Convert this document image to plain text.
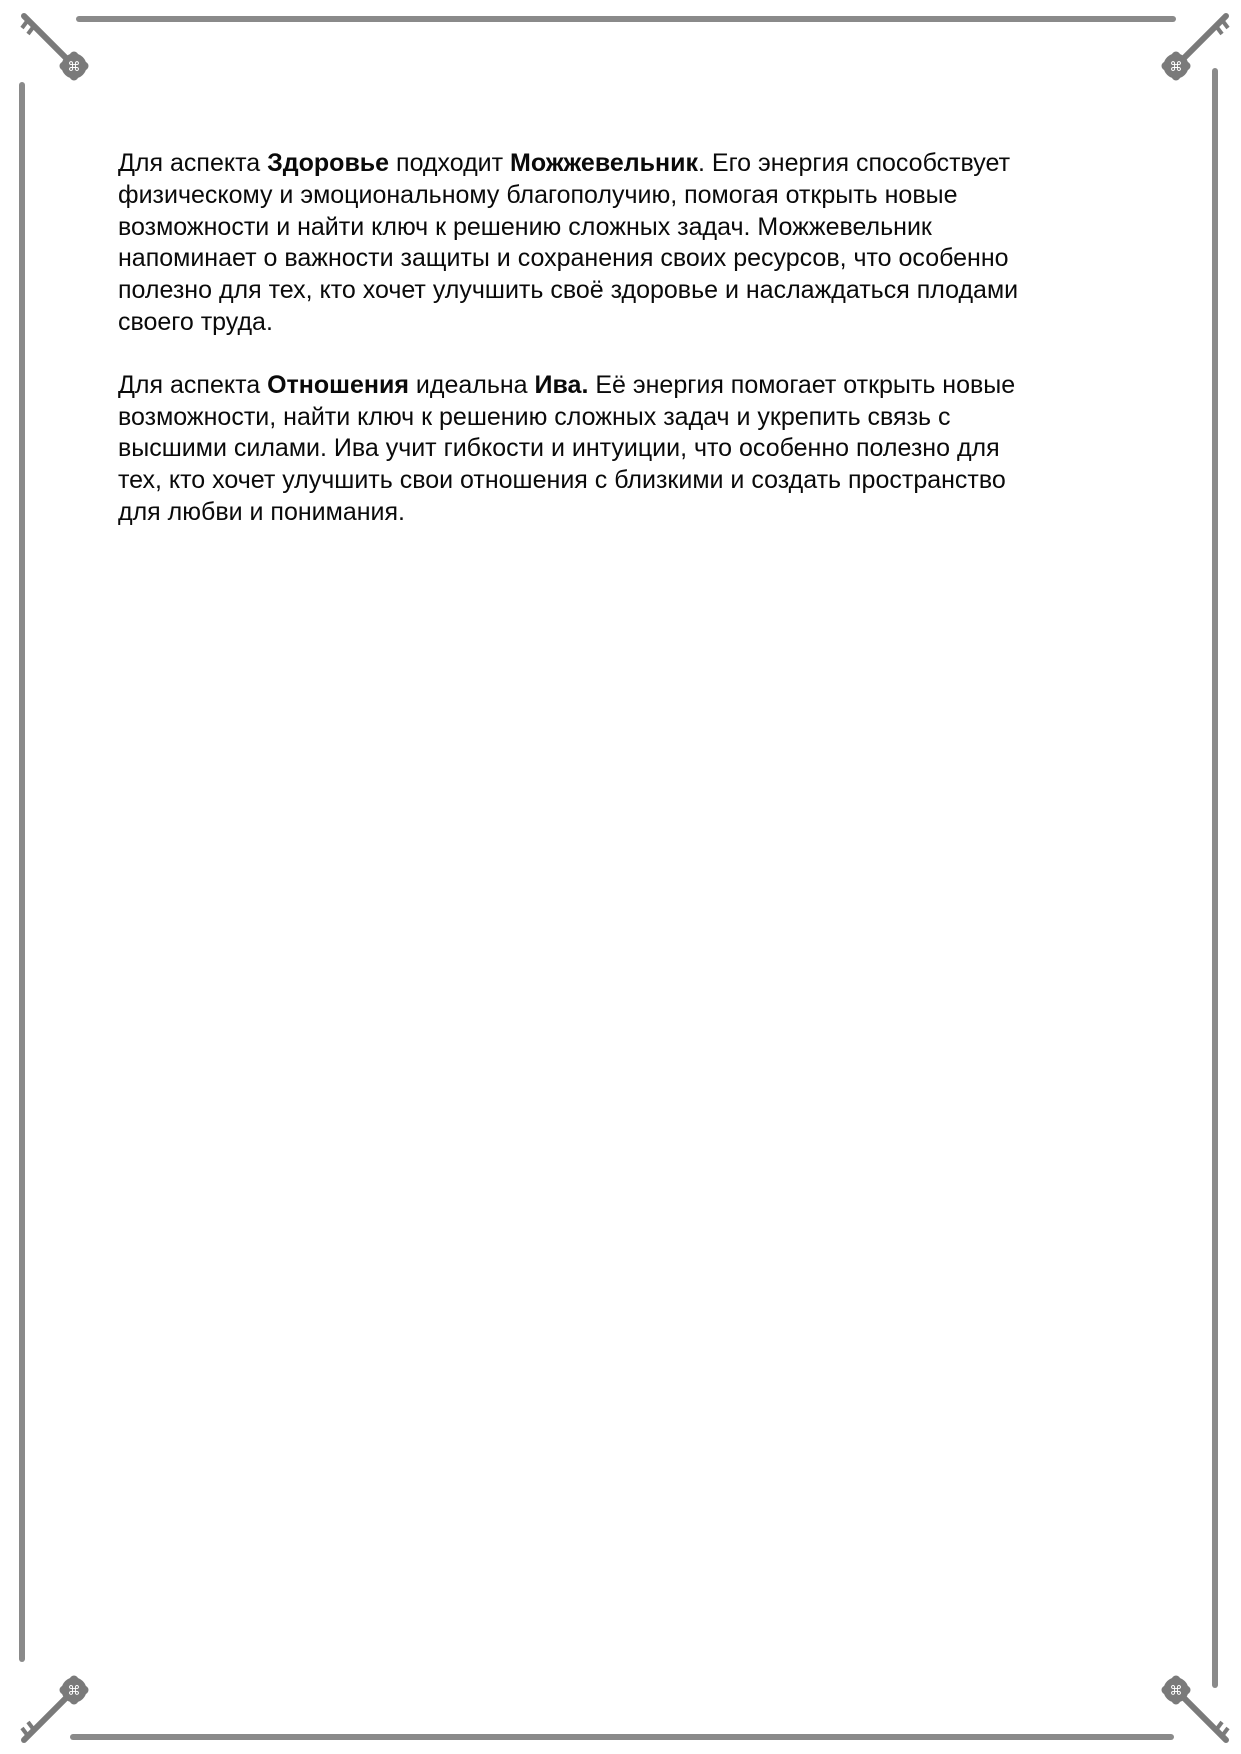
⌘	⌘
⌘	⌘

Для аспекта Здоровье подходит Можжевельник. Его энергия способствует
физическому и эмоциональному благополучию, помогая открыть новые
возможности и найти ключ к решению сложных задач. Можжевельник
напоминает о важности защиты и сохранения своих ресурсов, что особенно
полезно для тех, кто хочет улучшить своё здоровье и наслаждаться плодами
своего труда.

Для аспекта Отношения идеальна Ива. Её энергия помогает открыть новые
возможности, найти ключ к решению сложных задач и укрепить связь с
высшими силами. Ива учит гибкости и интуиции, что особенно полезно для
тех, кто хочет улучшить свои отношения с близкими и создать пространство
для любви и понимания.
